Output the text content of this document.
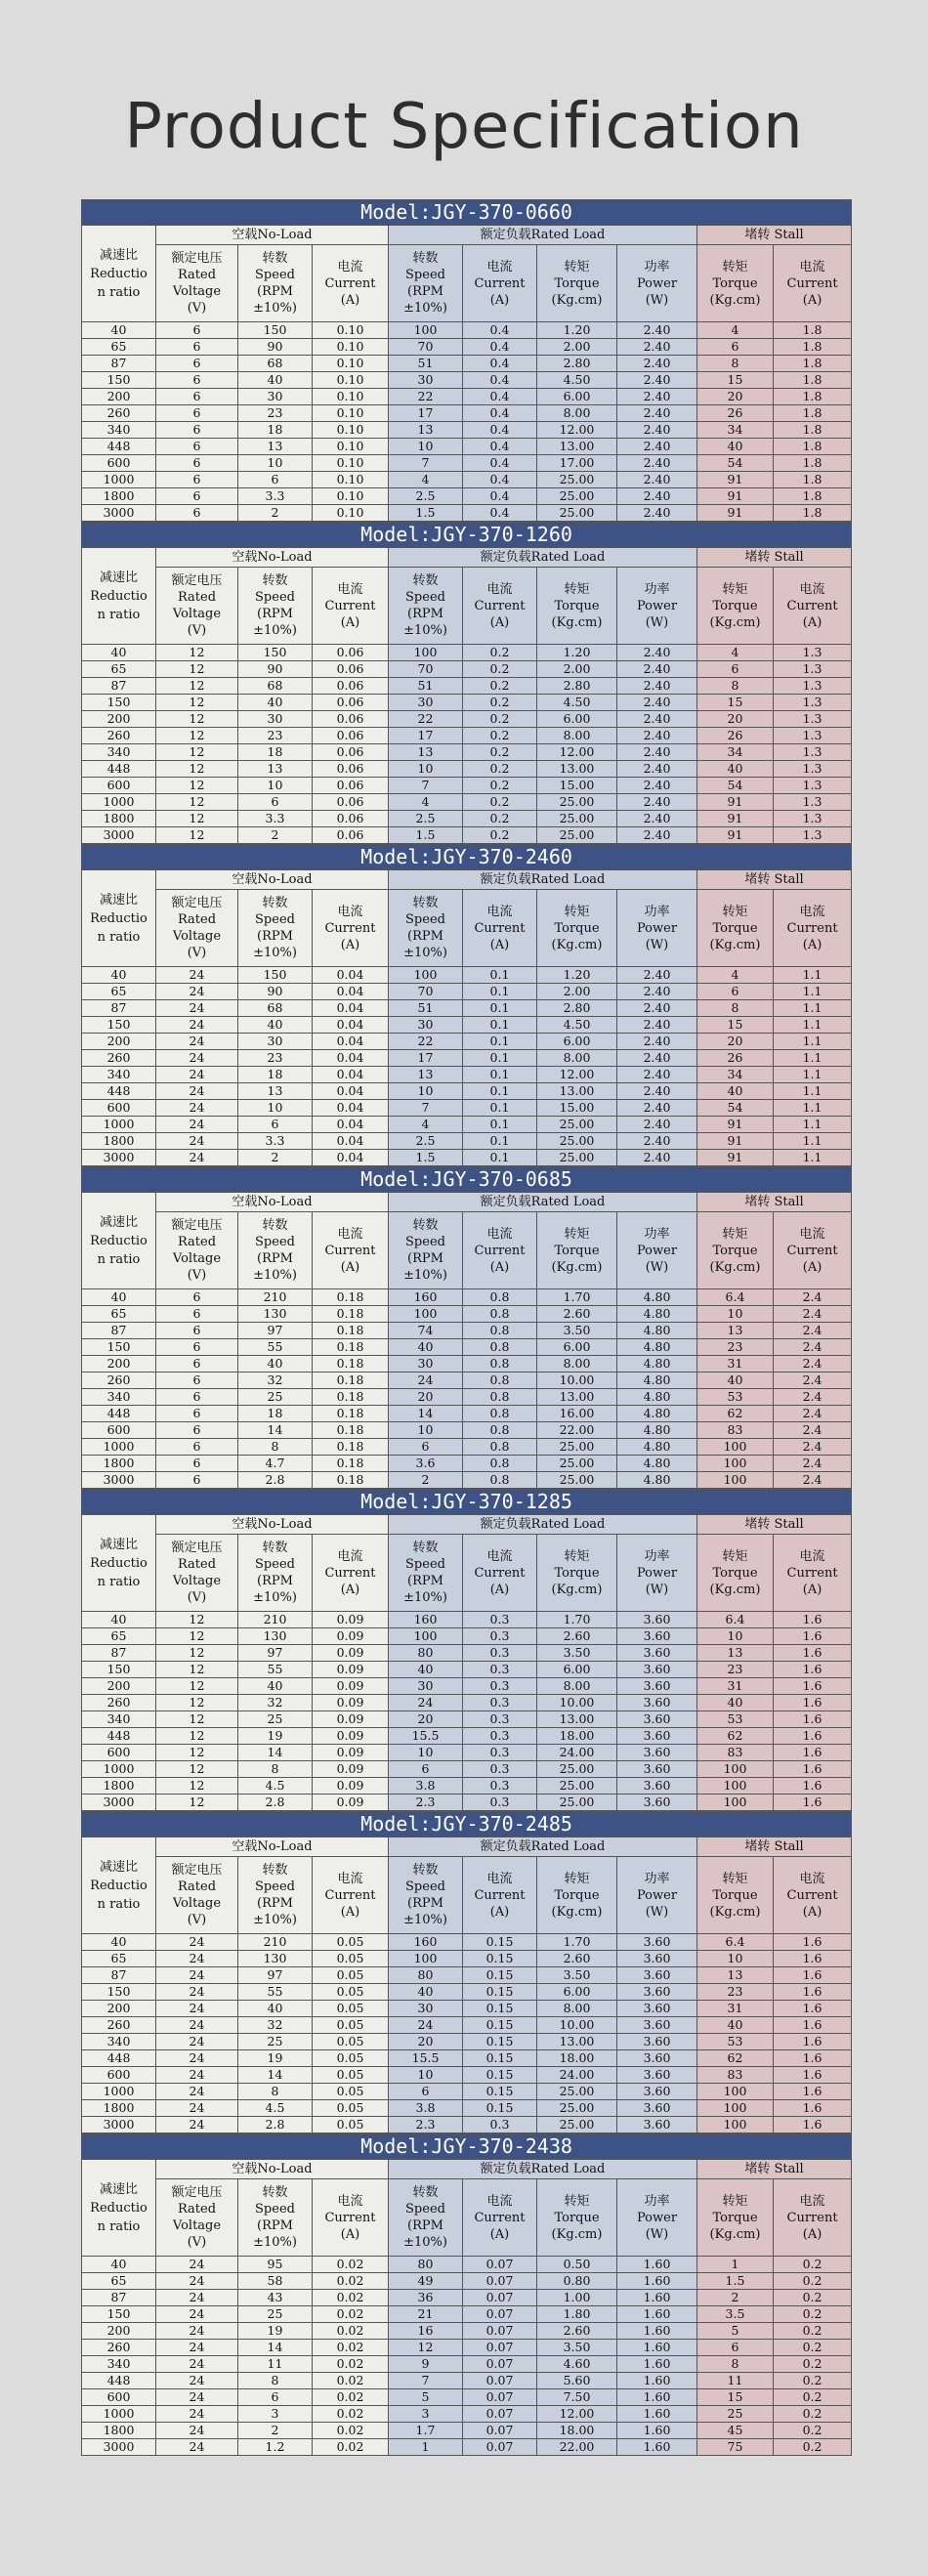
Product Specification
Model:JGY-370-0660									
减速比
Reductio
n ratio	空载No-Load			额定负载Rated Load				堵转 Stall	
	额定电压
Rated
Voltage
(V)	转数
Speed
(RPM
±10%)	电流
Current
(A)	转数
Speed
(RPM
±10%)	电流
Current
(A)	转矩
Torque
(Kg.cm)	功率
Power
(W)	转矩
Torque
(Kg.cm)	电流
Current
(A)
40	6	150	0.10	100	0.4	1.20	2.40	4	1.8
65	6	90	0.10	70	0.4	2.00	2.40	6	1.8
87	6	68	0.10	51	0.4	2.80	2.40	8	1.8
150	6	40	0.10	30	0.4	4.50	2.40	15	1.8
200	6	30	0.10	22	0.4	6.00	2.40	20	1.8
260	6	23	0.10	17	0.4	8.00	2.40	26	1.8
340	6	18	0.10	13	0.4	12.00	2.40	34	1.8
448	6	13	0.10	10	0.4	13.00	2.40	40	1.8
600	6	10	0.10	7	0.4	17.00	2.40	54	1.8
1000	6	6	0.10	4	0.4	25.00	2.40	91	1.8
1800	6	3.3	0.10	2.5	0.4	25.00	2.40	91	1.8
3000	6	2	0.10	1.5	0.4	25.00	2.40	91	1.8
Model:JGY-370-1260									
减速比
Reductio
n ratio	空载No-Load			额定负载Rated Load				堵转 Stall	
	额定电压
Rated
Voltage
(V)	转数
Speed
(RPM
±10%)	电流
Current
(A)	转数
Speed
(RPM
±10%)	电流
Current
(A)	转矩
Torque
(Kg.cm)	功率
Power
(W)	转矩
Torque
(Kg.cm)	电流
Current
(A)
40	12	150	0.06	100	0.2	1.20	2.40	4	1.3
65	12	90	0.06	70	0.2	2.00	2.40	6	1.3
87	12	68	0.06	51	0.2	2.80	2.40	8	1.3
150	12	40	0.06	30	0.2	4.50	2.40	15	1.3
200	12	30	0.06	22	0.2	6.00	2.40	20	1.3
260	12	23	0.06	17	0.2	8.00	2.40	26	1.3
340	12	18	0.06	13	0.2	12.00	2.40	34	1.3
448	12	13	0.06	10	0.2	13.00	2.40	40	1.3
600	12	10	0.06	7	0.2	15.00	2.40	54	1.3
1000	12	6	0.06	4	0.2	25.00	2.40	91	1.3
1800	12	3.3	0.06	2.5	0.2	25.00	2.40	91	1.3
3000	12	2	0.06	1.5	0.2	25.00	2.40	91	1.3
Model:JGY-370-2460									
减速比
Reductio
n ratio	空载No-Load			额定负载Rated Load				堵转 Stall	
	额定电压
Rated
Voltage
(V)	转数
Speed
(RPM
±10%)	电流
Current
(A)	转数
Speed
(RPM
±10%)	电流
Current
(A)	转矩
Torque
(Kg.cm)	功率
Power
(W)	转矩
Torque
(Kg.cm)	电流
Current
(A)
40	24	150	0.04	100	0.1	1.20	2.40	4	1.1
65	24	90	0.04	70	0.1	2.00	2.40	6	1.1
87	24	68	0.04	51	0.1	2.80	2.40	8	1.1
150	24	40	0.04	30	0.1	4.50	2.40	15	1.1
200	24	30	0.04	22	0.1	6.00	2.40	20	1.1
260	24	23	0.04	17	0.1	8.00	2.40	26	1.1
340	24	18	0.04	13	0.1	12.00	2.40	34	1.1
448	24	13	0.04	10	0.1	13.00	2.40	40	1.1
600	24	10	0.04	7	0.1	15.00	2.40	54	1.1
1000	24	6	0.04	4	0.1	25.00	2.40	91	1.1
1800	24	3.3	0.04	2.5	0.1	25.00	2.40	91	1.1
3000	24	2	0.04	1.5	0.1	25.00	2.40	91	1.1
Model:JGY-370-0685									
减速比
Reductio
n ratio	空载No-Load			额定负载Rated Load				堵转 Stall	
	额定电压
Rated
Voltage
(V)	转数
Speed
(RPM
±10%)	电流
Current
(A)	转数
Speed
(RPM
±10%)	电流
Current
(A)	转矩
Torque
(Kg.cm)	功率
Power
(W)	转矩
Torque
(Kg.cm)	电流
Current
(A)
40	6	210	0.18	160	0.8	1.70	4.80	6.4	2.4
65	6	130	0.18	100	0.8	2.60	4.80	10	2.4
87	6	97	0.18	74	0.8	3.50	4.80	13	2.4
150	6	55	0.18	40	0.8	6.00	4.80	23	2.4
200	6	40	0.18	30	0.8	8.00	4.80	31	2.4
260	6	32	0.18	24	0.8	10.00	4.80	40	2.4
340	6	25	0.18	20	0.8	13.00	4.80	53	2.4
448	6	18	0.18	14	0.8	16.00	4.80	62	2.4
600	6	14	0.18	10	0.8	22.00	4.80	83	2.4
1000	6	8	0.18	6	0.8	25.00	4.80	100	2.4
1800	6	4.7	0.18	3.6	0.8	25.00	4.80	100	2.4
3000	6	2.8	0.18	2	0.8	25.00	4.80	100	2.4
Model:JGY-370-1285									
减速比
Reductio
n ratio	空载No-Load			额定负载Rated Load				堵转 Stall	
	额定电压
Rated
Voltage
(V)	转数
Speed
(RPM
±10%)	电流
Current
(A)	转数
Speed
(RPM
±10%)	电流
Current
(A)	转矩
Torque
(Kg.cm)	功率
Power
(W)	转矩
Torque
(Kg.cm)	电流
Current
(A)
40	12	210	0.09	160	0.3	1.70	3.60	6.4	1.6
65	12	130	0.09	100	0.3	2.60	3.60	10	1.6
87	12	97	0.09	80	0.3	3.50	3.60	13	1.6
150	12	55	0.09	40	0.3	6.00	3.60	23	1.6
200	12	40	0.09	30	0.3	8.00	3.60	31	1.6
260	12	32	0.09	24	0.3	10.00	3.60	40	1.6
340	12	25	0.09	20	0.3	13.00	3.60	53	1.6
448	12	19	0.09	15.5	0.3	18.00	3.60	62	1.6
600	12	14	0.09	10	0.3	24.00	3.60	83	1.6
1000	12	8	0.09	6	0.3	25.00	3.60	100	1.6
1800	12	4.5	0.09	3.8	0.3	25.00	3.60	100	1.6
3000	12	2.8	0.09	2.3	0.3	25.00	3.60	100	1.6
Model:JGY-370-2485									
减速比
Reductio
n ratio	空载No-Load			额定负载Rated Load				堵转 Stall	
	额定电压
Rated
Voltage
(V)	转数
Speed
(RPM
±10%)	电流
Current
(A)	转数
Speed
(RPM
±10%)	电流
Current
(A)	转矩
Torque
(Kg.cm)	功率
Power
(W)	转矩
Torque
(Kg.cm)	电流
Current
(A)
40	24	210	0.05	160	0.15	1.70	3.60	6.4	1.6
65	24	130	0.05	100	0.15	2.60	3.60	10	1.6
87	24	97	0.05	80	0.15	3.50	3.60	13	1.6
150	24	55	0.05	40	0.15	6.00	3.60	23	1.6
200	24	40	0.05	30	0.15	8.00	3.60	31	1.6
260	24	32	0.05	24	0.15	10.00	3.60	40	1.6
340	24	25	0.05	20	0.15	13.00	3.60	53	1.6
448	24	19	0.05	15.5	0.15	18.00	3.60	62	1.6
600	24	14	0.05	10	0.15	24.00	3.60	83	1.6
1000	24	8	0.05	6	0.15	25.00	3.60	100	1.6
1800	24	4.5	0.05	3.8	0.15	25.00	3.60	100	1.6
3000	24	2.8	0.05	2.3	0.3	25.00	3.60	100	1.6
Model:JGY-370-2438									
减速比
Reductio
n ratio	空载No-Load			额定负载Rated Load				堵转 Stall	
	额定电压
Rated
Voltage
(V)	转数
Speed
(RPM
±10%)	电流
Current
(A)	转数
Speed
(RPM
±10%)	电流
Current
(A)	转矩
Torque
(Kg.cm)	功率
Power
(W)	转矩
Torque
(Kg.cm)	电流
Current
(A)
40	24	95	0.02	80	0.07	0.50	1.60	1	0.2
65	24	58	0.02	49	0.07	0.80	1.60	1.5	0.2
87	24	43	0.02	36	0.07	1.00	1.60	2	0.2
150	24	25	0.02	21	0.07	1.80	1.60	3.5	0.2
200	24	19	0.02	16	0.07	2.60	1.60	5	0.2
260	24	14	0.02	12	0.07	3.50	1.60	6	0.2
340	24	11	0.02	9	0.07	4.60	1.60	8	0.2
448	24	8	0.02	7	0.07	5.60	1.60	11	0.2
600	24	6	0.02	5	0.07	7.50	1.60	15	0.2
1000	24	3	0.02	3	0.07	12.00	1.60	25	0.2
1800	24	2	0.02	1.7	0.07	18.00	1.60	45	0.2
3000	24	1.2	0.02	1	0.07	22.00	1.60	75	0.2
